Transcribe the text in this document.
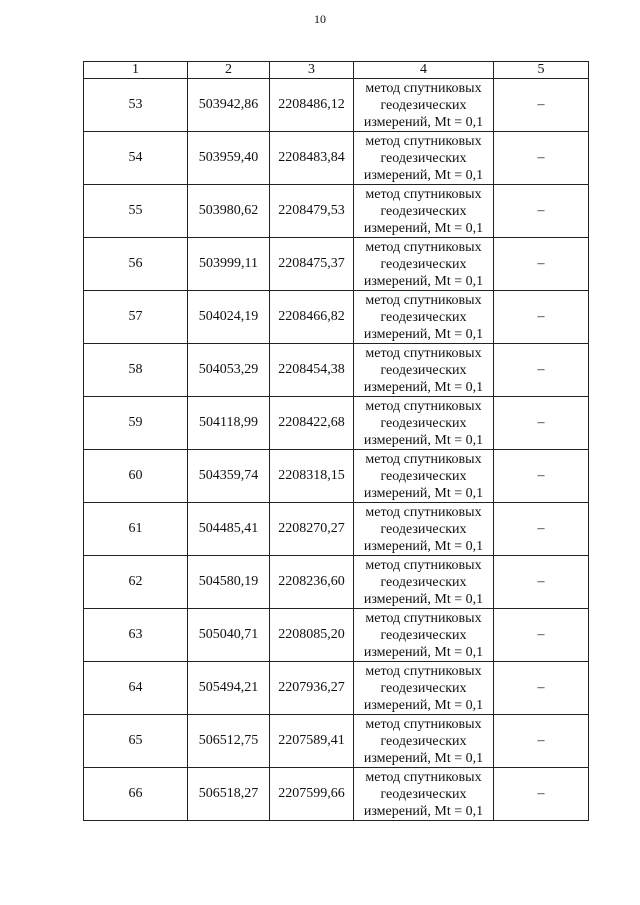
10
1	2	3	4	5
53	503942,86	2208486,12	метод спутниковых
геодезических
измерений, Mt = 0,1	–
54	503959,40	2208483,84	метод спутниковых
геодезических
измерений, Mt = 0,1	–
55	503980,62	2208479,53	метод спутниковых
геодезических
измерений, Mt = 0,1	–
56	503999,11	2208475,37	метод спутниковых
геодезических
измерений, Mt = 0,1	–
57	504024,19	2208466,82	метод спутниковых
геодезических
измерений, Mt = 0,1	–
58	504053,29	2208454,38	метод спутниковых
геодезических
измерений, Mt = 0,1	–
59	504118,99	2208422,68	метод спутниковых
геодезических
измерений, Mt = 0,1	–
60	504359,74	2208318,15	метод спутниковых
геодезических
измерений, Mt = 0,1	–
61	504485,41	2208270,27	метод спутниковых
геодезических
измерений, Mt = 0,1	–
62	504580,19	2208236,60	метод спутниковых
геодезических
измерений, Mt = 0,1	–
63	505040,71	2208085,20	метод спутниковых
геодезических
измерений, Mt = 0,1	–
64	505494,21	2207936,27	метод спутниковых
геодезических
измерений, Mt = 0,1	–
65	506512,75	2207589,41	метод спутниковых
геодезических
измерений, Mt = 0,1	–
66	506518,27	2207599,66	метод спутниковых
геодезических
измерений, Mt = 0,1	–
